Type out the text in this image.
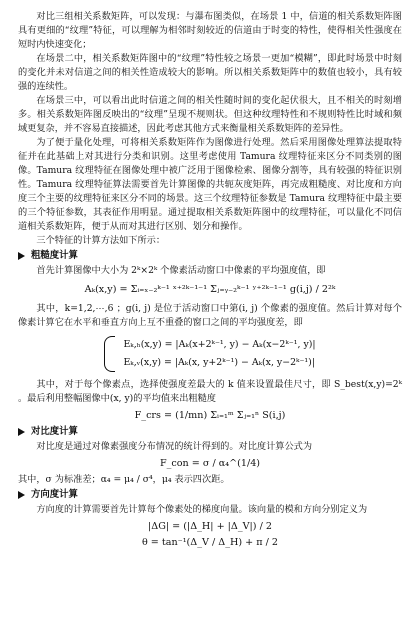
对比三组相关系数矩阵，可以发现：与瀑布图类似，在场景 1 中，信道的相关系数矩阵图具有更细的“纹理”特征，可以理解为相邻时刻较近的信道由于时变的特性，使得相关性强度在短时内快速变化；

在场景二中，相关系数矩阵图中的“纹理”特性较之场景一更加“模糊”，即此时场景中时刻的变化并未对信道之间的相关性造成较大的影响。所以相关系数矩阵中的数值也较小，具有较强的连续性。

在场景三中，可以看出此时信道之间的相关性随时间的变化起伏很大，且不相关的时刻增多。相关系数矩阵图反映出的“纹理”呈现不规则状。但这种纹理特性和不规则特性比时域和频域更复杂，并不容易直接描述，因此考虑其他方式来衡量相关系数矩阵的差异性。

为了便于量化处理，可将相关系数矩阵作为图像进行处理。然后采用图像处理算法提取特征并在此基础上对其进行分类和识别。这里考虑使用 Tamura 纹理特征来区分不同类别的图像。Tamura 纹理特征在图像处理中被广泛用于图像检索、图像分割等，具有较强的特征识别性。Tamura 纹理特征算法需要首先计算图像的共轭灰度矩阵，再完成粗糙度、对比度和方向度三个主要的纹理特征来区分不同的场景。这三个纹理特征参数是 Tamura 纹理特征中最主要的三个特征参数，其表征作用明显。通过提取相关系数矩阵图中的纹理特征，可以量化不同信道相关系数矩阵，便于从而对其进行区别、划分和操作。

三个特征的计算方法如下所示：

粗糙度计算

首先计算图像中大小为 2ᵏ×2ᵏ 个像素活动窗口中像素的平均强度值，即

Aₖ(x,y) = Σᵢ₌ₓ₋₂ᵏ⁻¹ ˣ⁺²ᵏ⁻¹⁻¹ Σⱼ₌ᵧ₋₂ᵏ⁻¹ ʸ⁺²ᵏ⁻¹⁻¹ g(i,j) / 2²ᵏ

其中，k=1,2,⋯,6 ；g(i, j) 是位于活动窗口中第(i, j) 个像素的强度值。然后计算对每个像素计算它在水平和垂直方向上互不重叠的窗口之间的平均强度差，即

Eₖ,ₕ(x,y) = |Aₖ(x+2ᵏ⁻¹, y) − Aₖ(x−2ᵏ⁻¹, y)|
Eₖ,ᵥ(x,y) = |Aₖ(x, y+2ᵏ⁻¹) − Aₖ(x, y−2ᵏ⁻¹)|

其中，对于每个像素点，选择使强度差最大的 k 值来设置最佳尺寸，即 S_best(x,y)=2ᵏ 。最后利用整幅图像中(x, y)的平均值来出粗糙度

F_crs = (1/mn) Σᵢ₌₁ᵐ Σⱼ₌₁ⁿ S(i,j)
对比度计算

对比度是通过对像素强度分布情况的统计得到的。对比度计算公式为

F_con = σ / α₄^(1/4)

其中，σ 为标准差；α₄ = μ₄ / σ⁴，μ₄ 表示四次距。

方向度计算

方向度的计算需要首先计算每个像素处的梯度向量。该向量的模和方向分别定义为

|ΔG| = (|Δ_H| + |Δ_V|) / 2
θ = tan⁻¹(Δ_V / Δ_H) + π / 2
